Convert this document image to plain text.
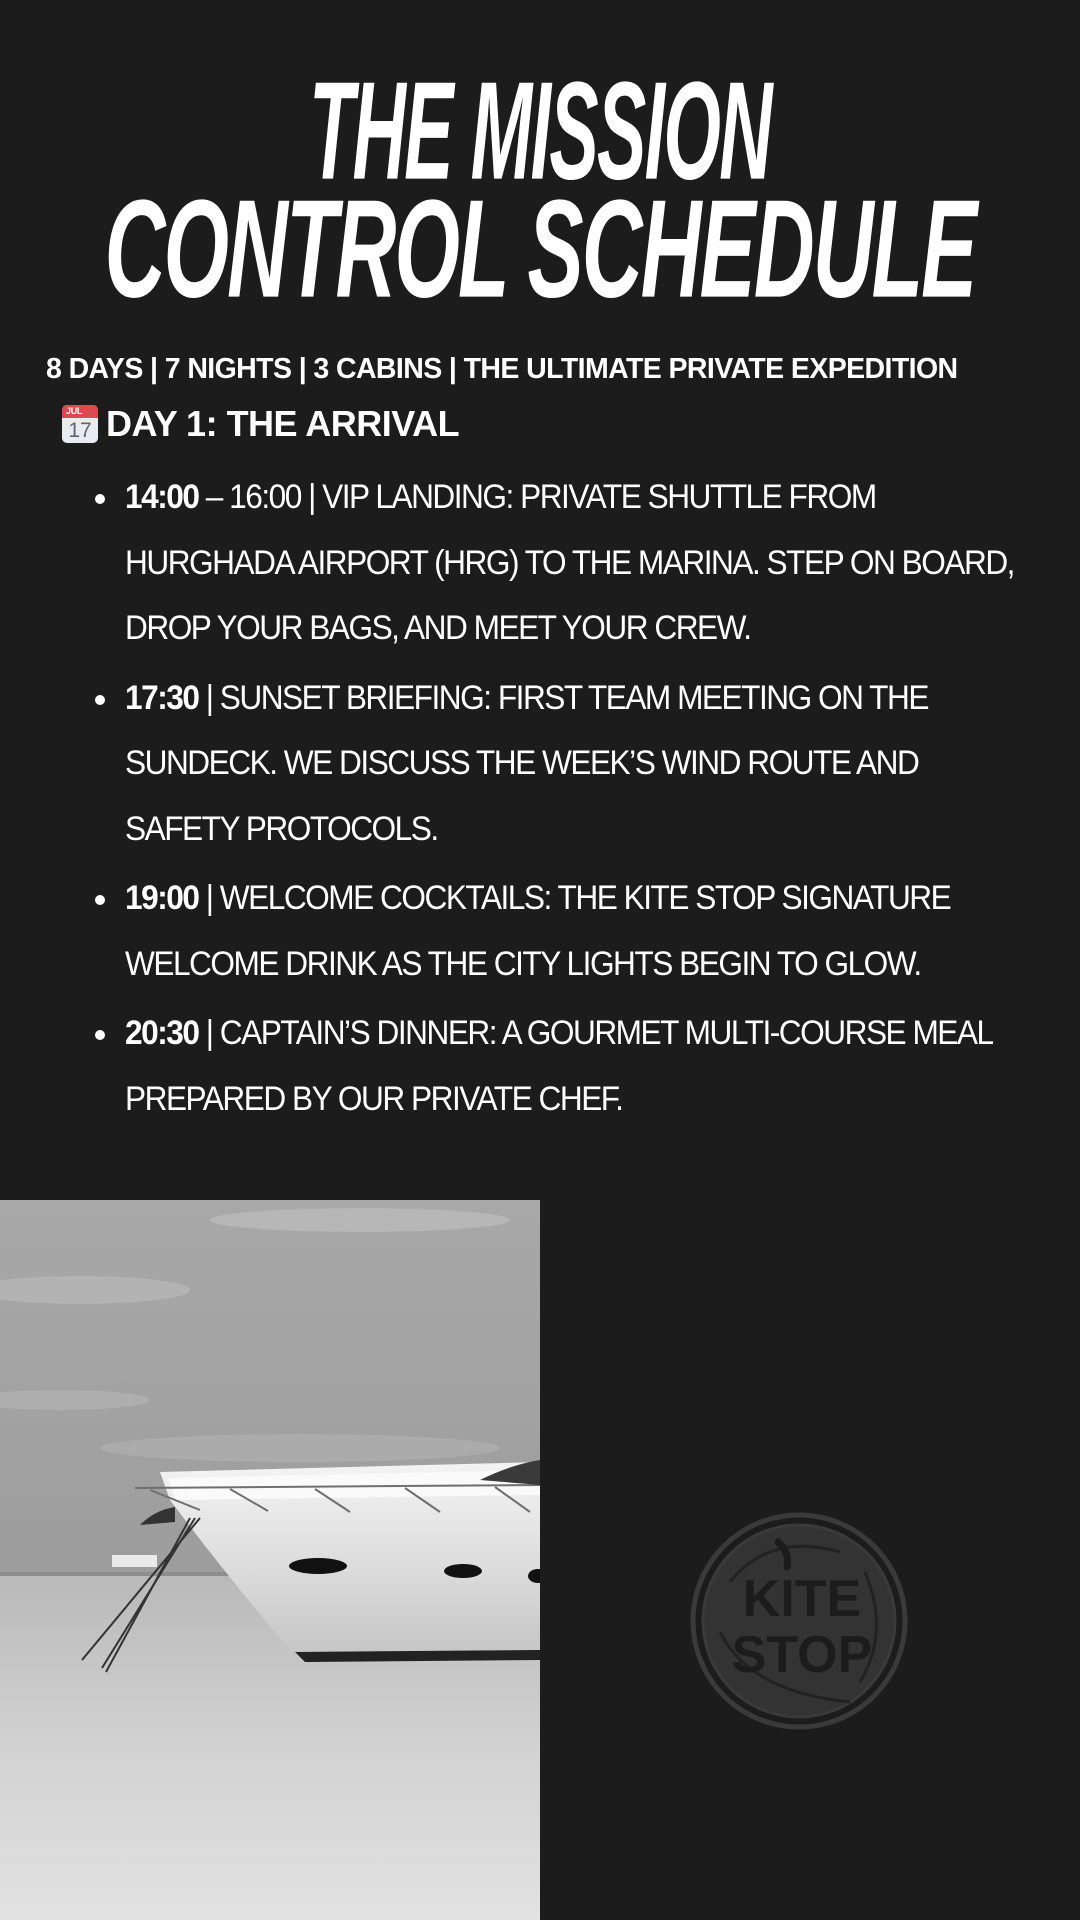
THE MISSION
CONTROL SCHEDULE
8 DAYS | 7 NIGHTS | 3 CABINS | THE ULTIMATE PRIVATE EXPEDITION
JUL
17 DAY 1: THE ARRIVAL
14:00 – 16:00 | VIP LANDING: PRIVATE SHUTTLE FROM HURGHADA AIRPORT (HRG) TO THE MARINA. STEP ON BOARD, DROP YOUR BAGS, AND MEET YOUR CREW.
17:30 | SUNSET BRIEFING: FIRST TEAM MEETING ON THE SUNDECK. WE DISCUSS THE WEEK’S WIND ROUTE AND SAFETY PROTOCOLS.
19:00 | WELCOME COCKTAILS: THE KITE STOP SIGNATURE WELCOME DRINK AS THE CITY LIGHTS BEGIN TO GLOW.
20:30 | CAPTAIN’S DINNER: A GOURMET MULTI-COURSE MEAL PREPARED BY OUR PRIVATE CHEF.
KITE
STOP
